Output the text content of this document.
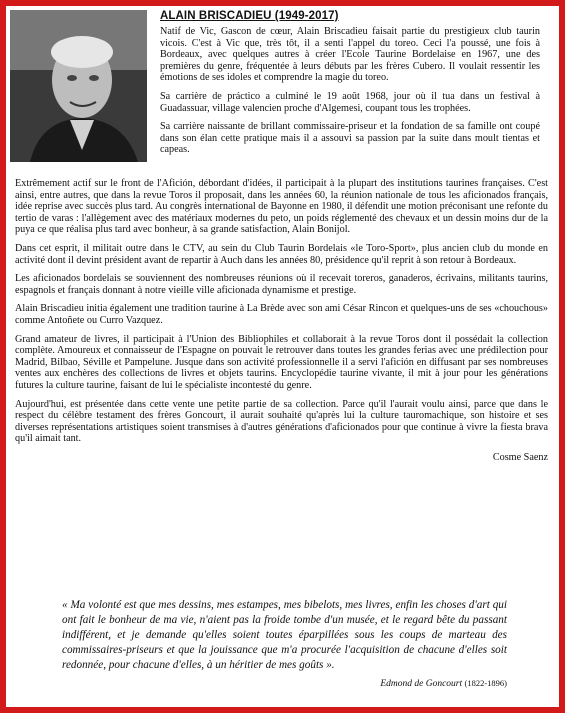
ALAIN BRISCADIEU (1949-2017)

Natif de Vic, Gascon de cœur, Alain Briscadieu faisait partie du prestigieux club taurin vicois. C'est à Vic que, très tôt, il a senti l'appel du toreo. Ceci l'a poussé, une fois à Bordeaux, avec quelques autres à créer l'Ecole Taurine Bordelaise en 1967, une des premières du genre, fréquentée à leurs débuts par les frères Cubero. Il voulait ressentir les émotions de ses idoles et comprendre la magie du toreo.

Sa carrière de práctico a culminé le 19 août 1968, jour où il tua dans un festival à Guadassuar, village valencien proche d'Algemesi, coupant tous les trophées.

Sa carrière naissante de brillant commissaire-priseur et la fondation de sa famille ont coupé dans son élan cette pratique mais il a assouvi sa passion par la suite dans moult tientas et capeas.

Extrêmement actif sur le front de l'Afición, débordant d'idées, il participait à la plupart des institutions taurines françaises. C'est ainsi, entre autres, que dans la revue Toros il proposait, dans les années 60, la réunion nationale de tous les aficionados français, idée reprise avec succès plus tard. Au congrès international de Bayonne en 1980, il défendit une motion préconisant une refonte du tertio de varas : l'allègement avec des matériaux modernes du peto, un poids réglementé des chevaux et un dessin moins dur de la puya ce que réalisa plus tard avec bonheur, à sa grande satisfaction, Alain Bonijol.

Dans cet esprit, il militait outre dans le CTV, au sein du Club Taurin Bordelais «le Toro-Sport», plus ancien club du monde en activité dont il devint président avant de repartir à Auch dans les années 80, présidence qu'il reprit à son retour à Bordeaux.

Les aficionados bordelais se souviennent des nombreuses réunions où il recevait toreros, ganaderos, écrivains, militants taurins, espagnols et français donnant à notre vieille ville aficionada dynamisme et prestige.

Alain Briscadieu initia également une tradition taurine à La Brède avec son ami César Rincon et quelques-uns de ses «chouchous» comme Antoñete ou Curro Vazquez.

Grand amateur de livres, il participait à l'Union des Bibliophiles et collaborait à la revue Toros dont il possédait la collection complète. Amoureux et connaisseur de l'Espagne on pouvait le retrouver dans toutes les grandes ferias avec une prédilection pour Madrid, Bilbao, Séville et Pampelune. Jusque dans son activité professionnelle il a servi l'afición en diffusant par ses nombreuses ventes aux enchères des collections de livres et objets taurins. Encyclopédie taurine vivante, il mit à jour pour les générations futures la culture taurine, faisant de lui le spécialiste incontesté du genre.

Aujourd'hui, est présentée dans cette vente une petite partie de sa collection. Parce qu'il l'aurait voulu ainsi, parce que dans le respect du célèbre testament des frères Goncourt, il aurait souhaité qu'après lui la culture tauromachique, son histoire et ses diverses représentations artistiques soient transmises à d'autres générations d'aficionados pour que continue à vivre la fiesta brava qu'il aimait tant.

Cosme Saenz

« Ma volonté est que mes dessins, mes estampes, mes bibelots, mes livres, enfin les choses d'art qui ont fait le bonheur de ma vie, n'aient pas la froide tombe d'un musée, et le regard bête du passant indifférent, et je demande qu'elles soient toutes éparpillées sous les coups de marteau des commissaires-priseurs et que la jouissance que m'a procurée l'acquisition de chacune d'elles soit redonnée, pour chacune d'elles, à un héritier de mes goûts ».

Edmond de Goncourt (1822-1896)
